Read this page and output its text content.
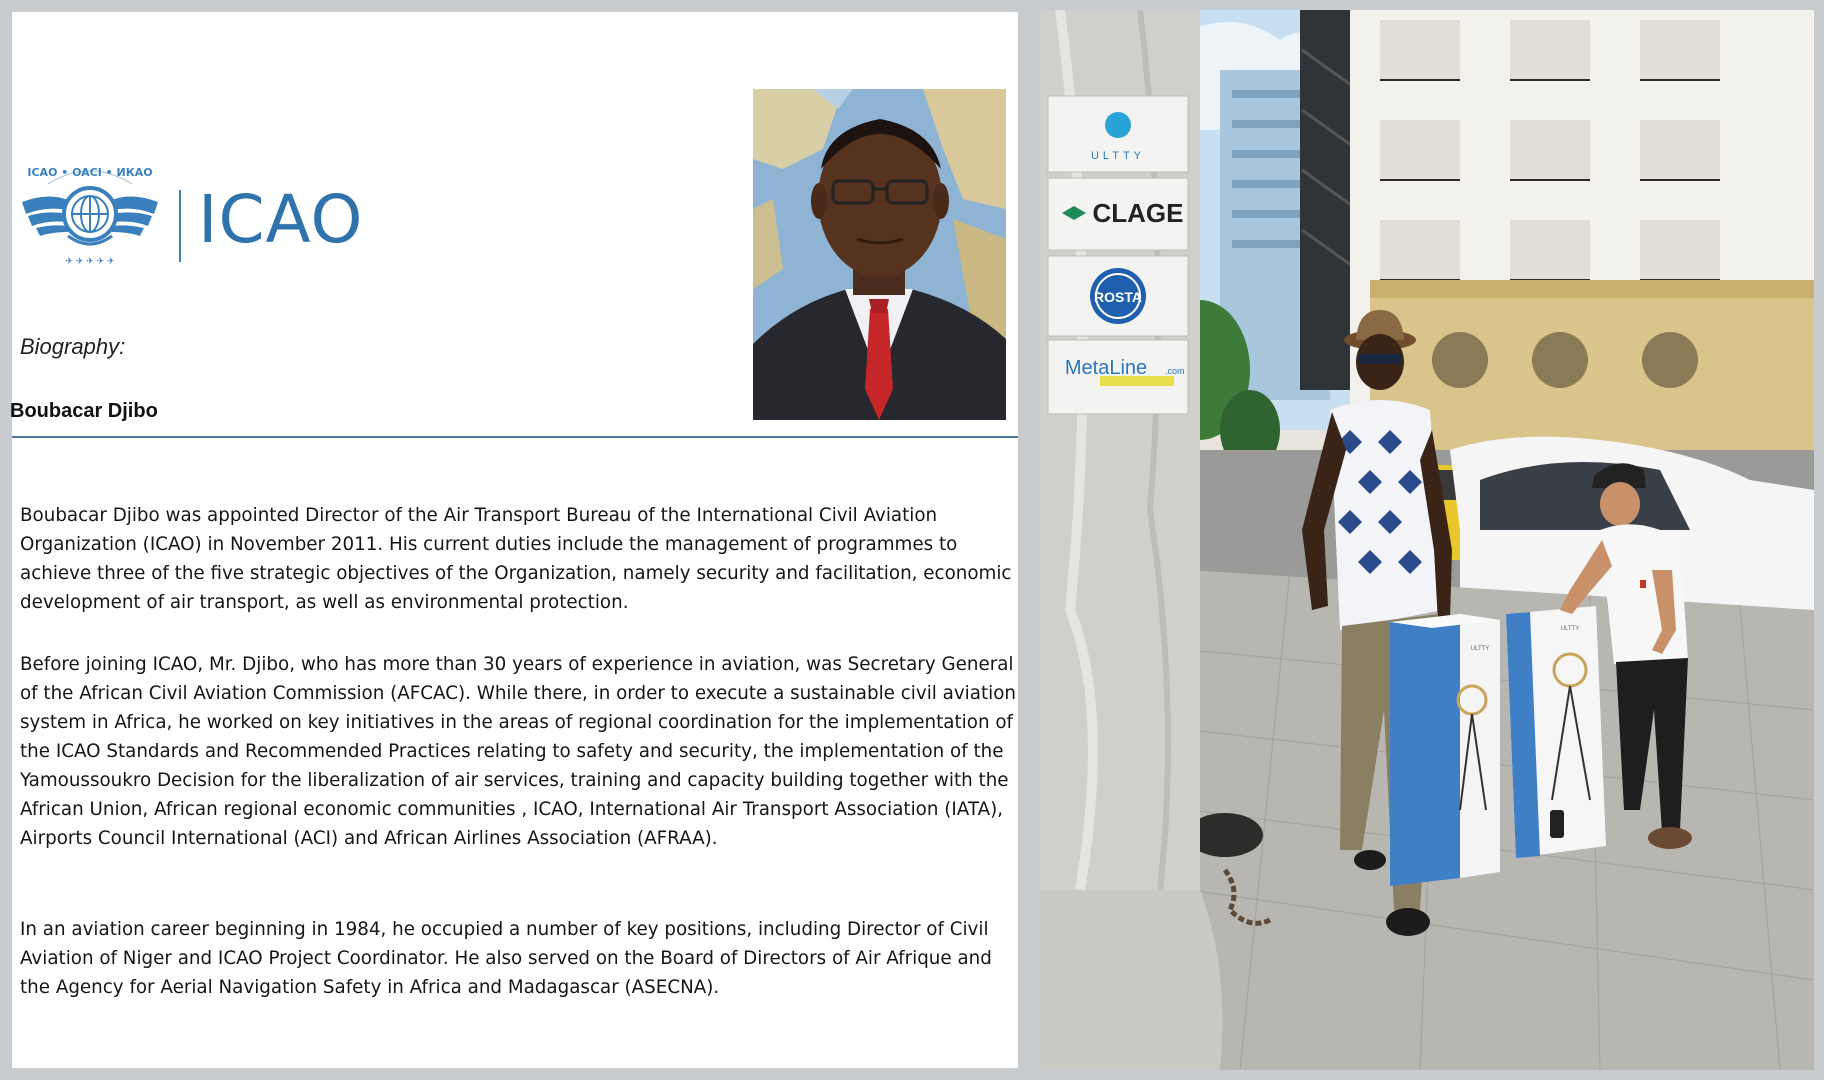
ICAO • OACI • ИКАО
✈ ✈ ✈ ✈ ✈
ICAO
Biography:
Boubacar Djibo

Boubacar Djibo was appointed Director of the Air Transport Bureau of the International Civil Aviation Organization (ICAO) in November 2011. His current duties include the management of programmes to achieve three of the five strategic objectives of the Organization, namely security and facilitation, economic development of air transport, as well as environmental protection.

Before joining ICAO, Mr. Djibo, who has more than 30 years of experience in aviation, was Secretary General of the African Civil Aviation Commission (AFCAC). While there, in order to execute a sustainable civil aviation system in Africa, he worked on key initiatives in the areas of regional coordination for the implementation of the ICAO Standards and Recommended Practices relating to safety and security, the implementation of the Yamoussoukro Decision for the liberalization of air services, training and capacity building together with the African Union, African regional economic communities , ICAO, International Air Transport Association (IATA), Airports Council International (ACI) and African Airlines Association (AFRAA).

In an aviation career beginning in 1984, he occupied a number of key positions, including Director of Civil Aviation of Niger and ICAO Project Coordinator. He also served on the Board of Directors of Air Afrique and the Agency for Aerial Navigation Safety in Africa and Madagascar (ASECNA).

ULTTY
CLAGE
ROSTA
MetaLine .com
ULTTY
ULTTY
